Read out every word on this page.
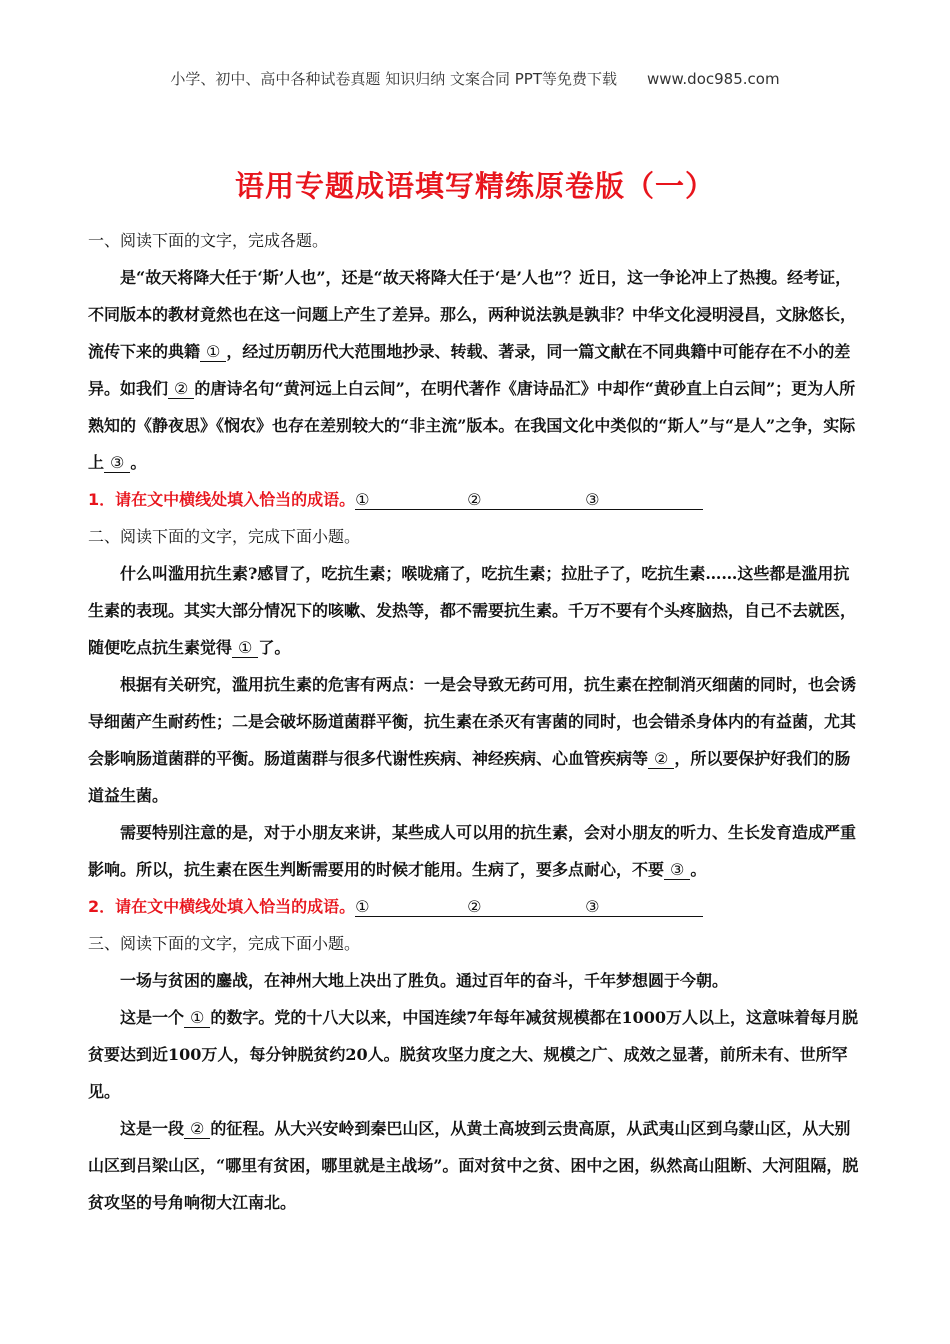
小学、初中、高中各种试卷真题 知识归纳 文案合同 PPT等免费下载 www.doc985.com
语用专题成语填写精练原卷版（一）

一、阅读下面的文字，完成各题。

是“故天将降大任于‘斯’人也”，还是“故天将降大任于‘是’人也”？近日，这一争论冲上了热搜。经考证，不同版本的教材竟然也在这一问题上产生了差异。那么，两种说法孰是孰非？中华文化浸明浸昌，文脉悠长，流传下来的典籍 ① ，经过历朝历代大范围地抄录、转载、著录，同一篇文献在不同典籍中可能存在不小的差异。如我们 ② 的唐诗名句“黄河远上白云间”，在明代著作《唐诗品汇》中却作“黄砂直上白云间”；更为人所熟知的《静夜思》《悯农》也存在差别较大的“非主流”版本。在我国文化中类似的“斯人”与“是人”之争，实际上 ③ 。

1．请在文中横线处填入恰当的成语。①	②	③

二、阅读下面的文字，完成下面小题。

什么叫滥用抗生素?感冒了，吃抗生素；喉咙痛了，吃抗生素；拉肚子了，吃抗生素……这些都是滥用抗生素的表现。其实大部分情况下的咳嗽、发热等，都不需要抗生素。千万不要有个头疼脑热，自己不去就医，随便吃点抗生素觉得 ① 了。

根据有关研究，滥用抗生素的危害有两点：一是会导致无药可用，抗生素在控制消灭细菌的同时，也会诱导细菌产生耐药性；二是会破坏肠道菌群平衡，抗生素在杀灭有害菌的同时，也会错杀身体内的有益菌，尤其会影响肠道菌群的平衡。肠道菌群与很多代谢性疾病、神经疾病、心血管疾病等 ② ，所以要保护好我们的肠道益生菌。

需要特别注意的是，对于小朋友来讲，某些成人可以用的抗生素，会对小朋友的听力、生长发育造成严重影响。所以，抗生素在医生判断需要用的时候才能用。生病了，要多点耐心，不要 ③ 。

2．请在文中横线处填入恰当的成语。①	②	③

三、阅读下面的文字，完成下面小题。

一场与贫困的鏖战，在神州大地上决出了胜负。通过百年的奋斗，千年梦想圆于今朝。

这是一个 ① 的数字。党的十八大以来，中国连续7年每年减贫规模都在1000万人以上，这意味着每月脱贫要达到近100万人，每分钟脱贫约20人。脱贫攻坚力度之大、规模之广、成效之显著，前所未有、世所罕见。

这是一段 ② 的征程。从大兴安岭到秦巴山区，从黄土高坡到云贵高原，从武夷山区到乌蒙山区，从大别山区到吕梁山区，“哪里有贫困，哪里就是主战场”。面对贫中之贫、困中之困，纵然高山阻断、大河阻隔，脱贫攻坚的号角响彻大江南北。
